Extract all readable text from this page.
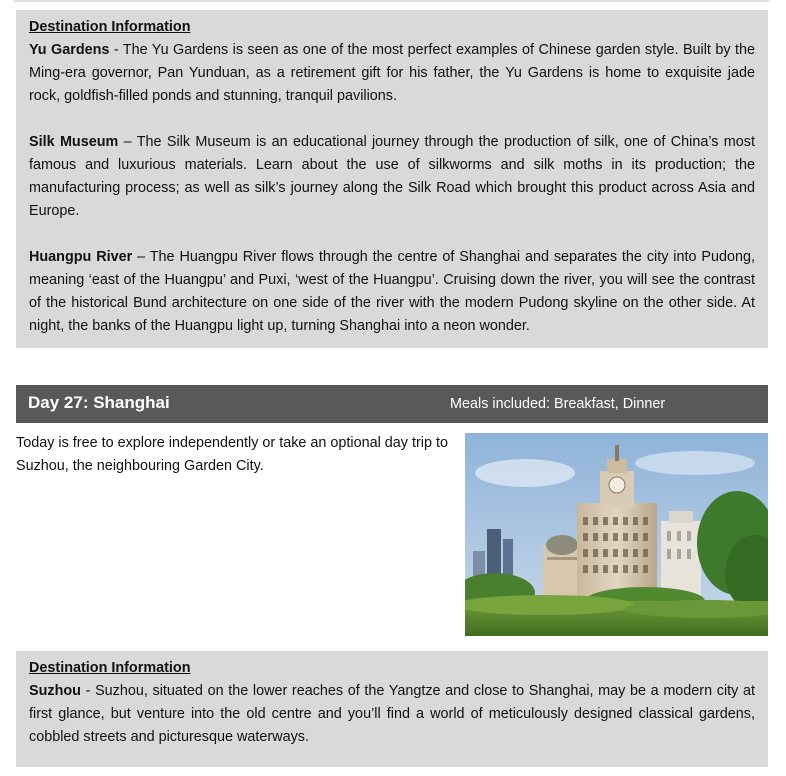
Destination Information

Yu Gardens - The Yu Gardens is seen as one of the most perfect examples of Chinese garden style. Built by the Ming-era governor, Pan Yunduan, as a retirement gift for his father, the Yu Gardens is home to exquisite jade rock, goldfish-filled ponds and stunning, tranquil pavilions.

Silk Museum – The Silk Museum is an educational journey through the production of silk, one of China’s most famous and luxurious materials. Learn about the use of silkworms and silk moths in its production; the manufacturing process; as well as silk’s journey along the Silk Road which brought this product across Asia and Europe.

Huangpu River – The Huangpu River flows through the centre of Shanghai and separates the city into Pudong, meaning ‘east of the Huangpu’ and Puxi, ‘west of the Huangpu’. Cruising down the river, you will see the contrast of the historical Bund architecture on one side of the river with the modern Pudong skyline on the other side. At night, the banks of the Huangpu light up, turning Shanghai into a neon wonder.

Day 27: Shanghai	Meals included: Breakfast, Dinner

Today is free to explore independently or take an optional day trip to Suzhou, the neighbouring Garden City.

Destination Information

Suzhou - Suzhou, situated on the lower reaches of the Yangtze and close to Shanghai, may be a modern city at first glance, but venture into the old centre and you’ll find a world of meticulously designed classical gardens, cobbled streets and picturesque waterways.
